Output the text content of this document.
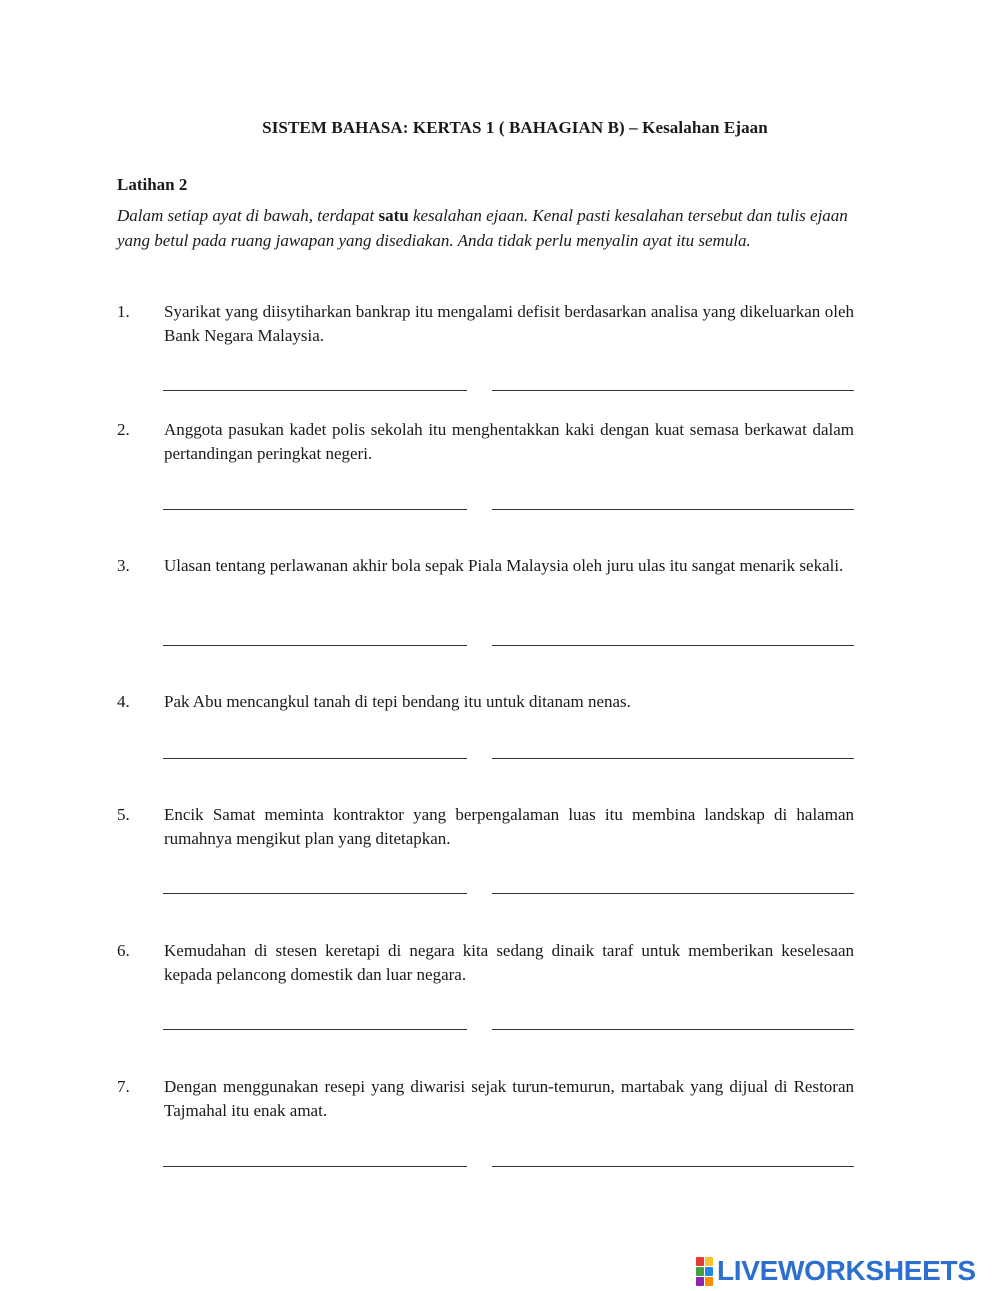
SISTEM BAHASA: KERTAS 1 ( BAHAGIAN B) – Kesalahan Ejaan
Latihan 2
Dalam setiap ayat di bawah, terdapat satu kesalahan ejaan. Kenal pasti kesalahan tersebut dan tulis ejaan yang betul pada ruang jawapan yang disediakan. Anda tidak perlu menyalin ayat itu semula.
1. Syarikat yang diisytiharkan bankrap itu mengalami defisit berdasarkan analisa yang dikeluarkan oleh Bank Negara Malaysia.
2. Anggota pasukan kadet polis sekolah itu menghentakkan kaki dengan kuat semasa berkawat dalam pertandingan peringkat negeri.
3. Ulasan tentang perlawanan akhir bola sepak Piala Malaysia oleh juru ulas itu sangat menarik sekali.
4. Pak Abu mencangkul tanah di tepi bendang itu untuk ditanam nenas.
5. Encik Samat meminta kontraktor yang berpengalaman luas itu membina landskap di halaman rumahnya mengikut plan yang ditetapkan.
6. Kemudahan di stesen keretapi di negara kita sedang dinaik taraf untuk memberikan keselesaan kepada pelancong domestik dan luar negara.
7. Dengan menggunakan resepi yang diwarisi sejak turun-temurun, martabak yang dijual di Restoran Tajmahal itu enak amat.
LIVEWORKSHEETS
